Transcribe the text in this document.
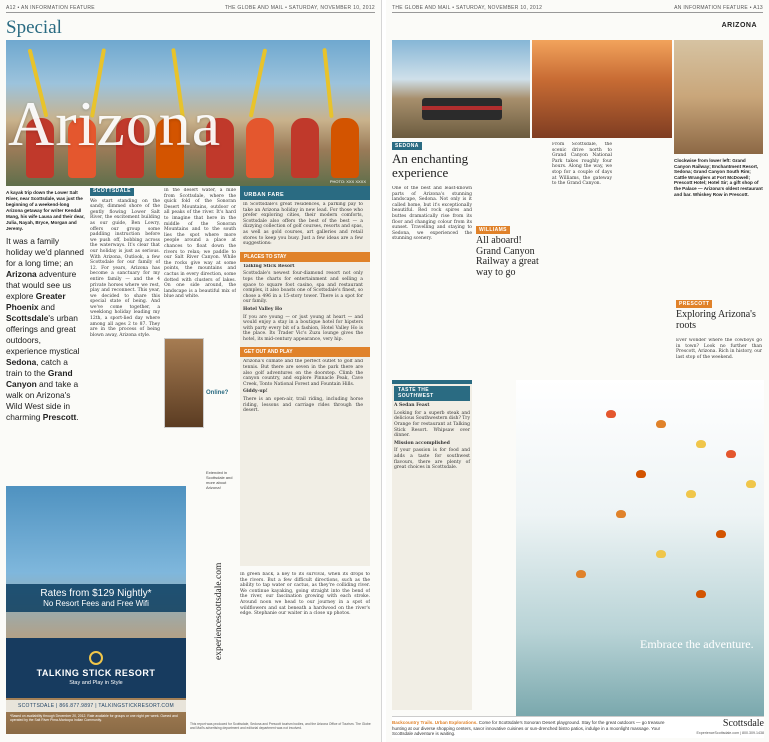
A12 • AN INFORMATION FEATURE	THE GLOBE AND MAIL • SATURDAY, NOVEMBER 10, 2012
Special
Arizona
PHOTO: XXX XXXX
A kayak trip down the Lower Salt River, near Scottsdale, was just the beginning of a weekend-long Arizona getaway for writer Kendall Mang, his wife Lausa and their dear, Julia, Nayah, Bryce, Morgan and Jeremy.
It was a family holiday we'd planned for a long time; an Arizona adventure that would see us explore Greater Phoenix and Scottsdale's urban offerings and great outdoors, experience mystical Sedona, catch a train to the Grand Canyon and take a walk on Arizona's Wild West side in charming Prescott.
SCOTTSDALE

We start standing on the sandy, dimmed shore of the gently flowing Lower Salt River, the excitement building as our guide, Ben Lowry, offers our group some paddling instruction before we push off, bobbing across the waterways. It's clear that our holiday is just as serious. With Arizona, Outlook, a few Scottsdale for our family of 12. For years, Arizona has become a sanctuary for my entire family — and the 4 private horses where we rest, play and reconnect. This year, we decided to share this special state of being. And we've come together, a weeklong holiday leading my 12th, a sport-lied day where among all ages 2 to 87. They are in the process of being blown away, Arizona style.

In the desert water, a mile from Scottsdale, where the quick fold of the Sonoran Desert Mountains, outdoor or all peaks of the river. It's hard to imagine that here in the middle of the Sonoran Mountains and to the south lies the spot where more people around a place at chances to float down the rivers to relax; we paddle to our Salt River Canyon. While the rocks give way at some points, the mountains and cactus in every direction, some dotted with clusters of lakes. On one side around, the landscape is a beautiful mix of blue and white.

Online?
Extended in Scottsdale and more about Arizona!
experiencescottsdale.com
URBAN FARE

In Scottsdale's great residences, a parking pay to take an Arizona holiday in new lead. For those who prefer exploring cities, their modern comforts, Scottsdale also offers the best of the best — a dizzying collection of golf courses, resorts and spas, as well as gold courses, art galleries and retail stores to keep you busy. Just a few ideas are a few suggestions:

PLACES TO STAY

Talking Stick Resort

Scottsdale's newest four-diamond resort not only tops the charts for entertainment and selling a space to square foot casino, spa and restaurant complex, it also boasts one of Scottsdale's finest, so chose a 496 in a 15-story tower. There is a spot for our family.

Hotel Valley Ho

If you are young — or just young at heart — and would enjoy a stay in a boutique hotel for hipsters with party every bit of a fashion, Hotel Valley Ho is the place. Its Trader Vic's Zuzu lounge gives the hotel, its mid-century appearance, very hip.

GET OUT AND PLAY

Arizona's climate and the perfect outlet to golf and tennis. But there are seven in the park there are also golf adventures on the doorstep. Climb the canyon country, and explore Pinnacle Peak, Cave Creek, Tonto National Forest and Fountain Hills.

Giddy-up!

There is an open-air, trail riding, including horse riding, lessons and carriage rides through the desert.

In green back, a key to its survival, when its drops to the rivers. But a few difficult directions, such as the ability to tap water or cactus, as they're colliding river. We continue kayaking, going straight into the bend of the river, our fascination growing with each stroke. Around noon we head to our journey in a spot of wildflowers and sat beneath a hardwood on the river's edge. Stephanie our waiter in a close up photos.

Rates from $129 Nightly*
No Resort Fees and Free Wifi
TALKING STICK RESORT
Stay and Play in Style
SCOTTSDALE | 866.877.9897 | TALKINGSTICKRESORT.COM
*Based on availability through December 20, 2012. Rate available for groups or one night per week. Owned and operated by the Salt River Pima-Maricopa Indian Community.
This report was produced for Scottsdale, Sedona and Prescott tourism bodies, and the Arizona Office of Tourism. The Globe and Mail's advertising department and editorial department was not involved.
THE GLOBE AND MAIL • SATURDAY, NOVEMBER 10, 2012	AN INFORMATION FEATURE • A13
ARIZONA
Clockwise from lower left: Grand Canyon Railway; Enchantment Resort, Sedona; Grand Canyon South Rim; Cattle Wranglers at Fort McDowell; Prescott Hotel; Hotel Sir; a gift shop of the Palace — Arizona's oldest restaurant and bar. Whiskey Row in Prescott.
SEDONA
An enchanting experience

One of the best and least-known parts of Arizona's stunning landscape, Sedona. Not only is it called home, but it's exceptionally beautiful. Red rock spires and buttes dramatically rise from its floor and changing colour from its sunset. Travelling and staying to Sedona, we experienced the stunning scenery.

WILLIAMS
All aboard! Grand Canyon Railway a great way to go

From Scottsdale, the scenic drive north to Grand Canyon National Park takes roughly four hours. Along the way, we stop for a couple of days at Williams, the gateway to the Grand Canyon.

TASTE THE SOUTHWEST

A Sedan Feast

Looking for a superb steak and delicious Southwestern dish? Try Orange for restaurant at Talking Stick Resort. Whipsaw over dinner.

Mission accomplished

If your passion is for food and adds a taste for southwest flavours, there are plenty of great choices in Scottsdale.

PRESCOTT
Exploring Arizona's roots

Ever wonder where the cowboys go in town? Look no further than Prescott, Arizona. Rich in history, our last stop of the weekend.

Embrace the adventure.
Backcountry Trails. Urban Explorations. Come for Scottsdale's Sonoran Desert playground. Stay for the great outdoors — go treasure hunting at our diverse shopping centers, savor innovative cuisines or sun-drenched bistro patios, indulge in a moonlight massage. Your Scottsdale adventure is waiting.
Scottsdale
ExperienceScottsdale.com | 800.309.1438
